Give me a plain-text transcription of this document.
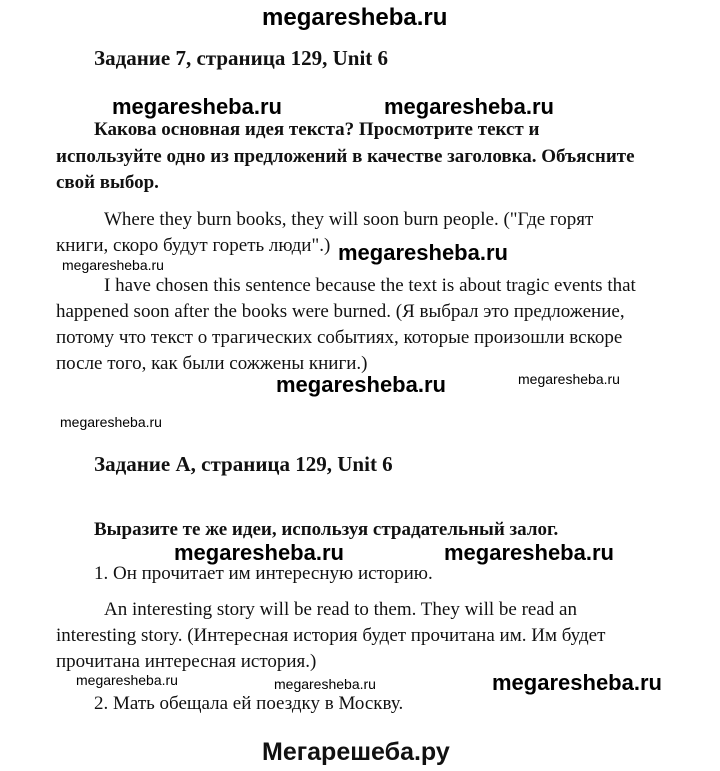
megaresheba.ru
Задание 7, страница 129, Unit 6
megaresheba.ru	megaresheba.ru
Какова основная идея текста? Просмотрите текст и
используйте одно из предложений в качестве заголовка. Объясните
свой выбор.
Where they burn books, they will soon burn people. ("Где горят
книги, скоро будут гореть люди".) megaresheba.ru
megaresheba.ru
I have chosen this sentence because the text is about tragic events that
happened soon after the books were burned. (Я выбрал это предложение,
потому что текст о трагических событиях, которые произошли вскоре
после того, как были сожжены книги.)
megaresheba.ru	megaresheba.ru
megaresheba.ru
Задание A, страница 129, Unit 6
Выразите те же идеи, используя страдательный залог.
megaresheba.ru	megaresheba.ru
1. Он прочитает им интересную историю.
An interesting story will be read to them. They will be read an
interesting story. (Интересная история будет прочитана им. Им будет
прочитана интересная история.)
megaresheba.ru	megaresheba.ru	megaresheba.ru
2. Мать обещала ей поездку в Москву.
Мегарешеба.ру
